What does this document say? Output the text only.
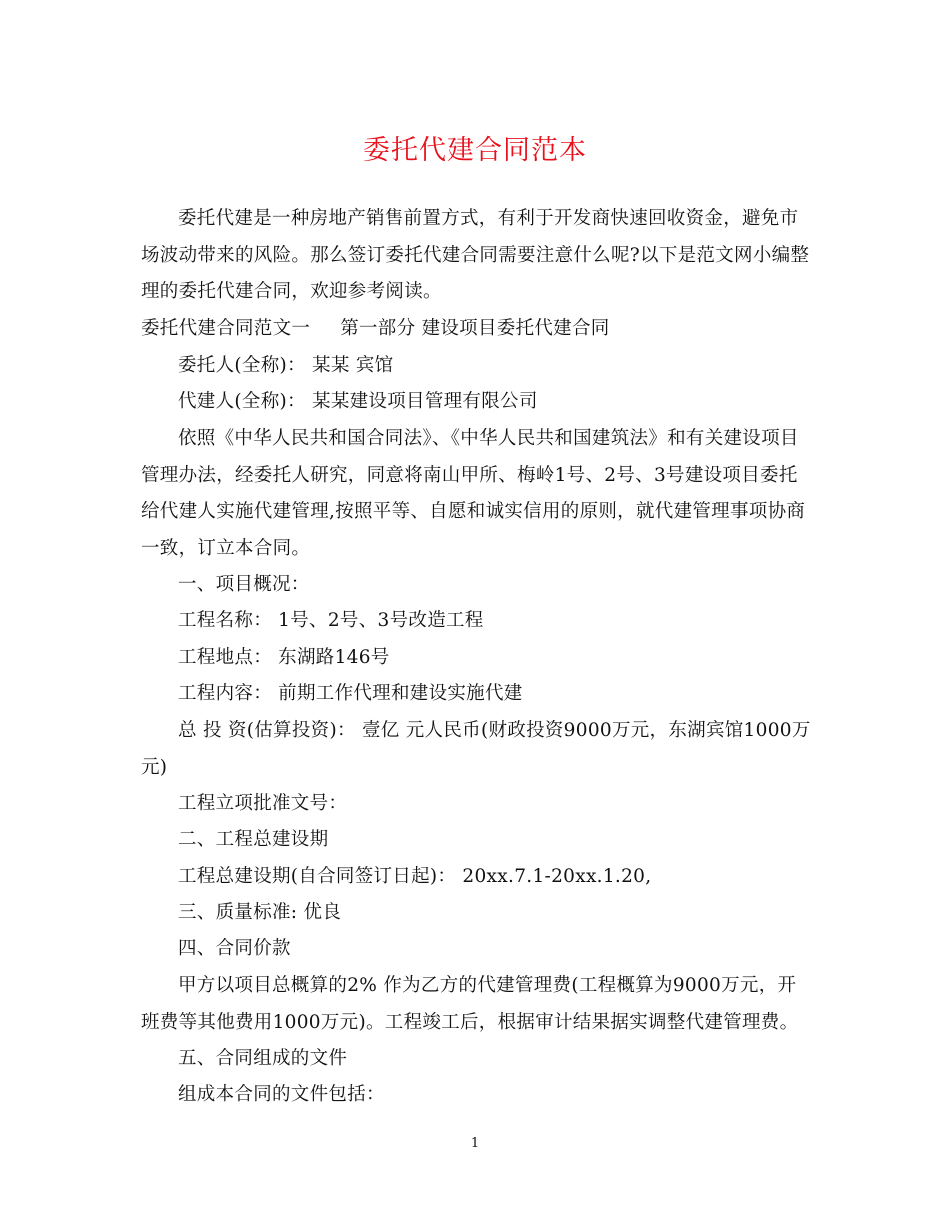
委托代建合同范本

委托代建是一种房地产销售前置方式，有利于开发商快速回收资金，避免市场波动带来的风险。那么签订委托代建合同需要注意什么呢?以下是范文网小编整理的委托代建合同，欢迎参考阅读。

委托代建合同范文一 第一部分 建设项目委托代建合同
委托人(全称)： 某某 宾馆
代建人(全称)： 某某建设项目管理有限公司

依照《中华人民共和国合同法》、《中华人民共和国建筑法》和有关建设项目管理办法，经委托人研究，同意将南山甲所、梅岭1号、2号、3号建设项目委托给代建人实施代建管理,按照平等、自愿和诚实信用的原则，就代建管理事项协商一致，订立本合同。

一、项目概况：
工程名称： 1号、2号、3号改造工程
工程地点： 东湖路146号
工程内容： 前期工作代理和建设实施代建

总 投 资(估算投资)： 壹亿 元人民币(财政投资9000万元，东湖宾馆1000万元)

工程立项批准文号：
二、工程总建设期
工程总建设期(自合同签订日起)： 20xx.7.1-20xx.1.20,
三、质量标准: 优良
四、合同价款

甲方以项目总概算的2% 作为乙方的代建管理费(工程概算为9000万元，开班费等其他费用1000万元)。工程竣工后，根据审计结果据实调整代建管理费。

五、合同组成的文件
组成本合同的文件包括：
1
